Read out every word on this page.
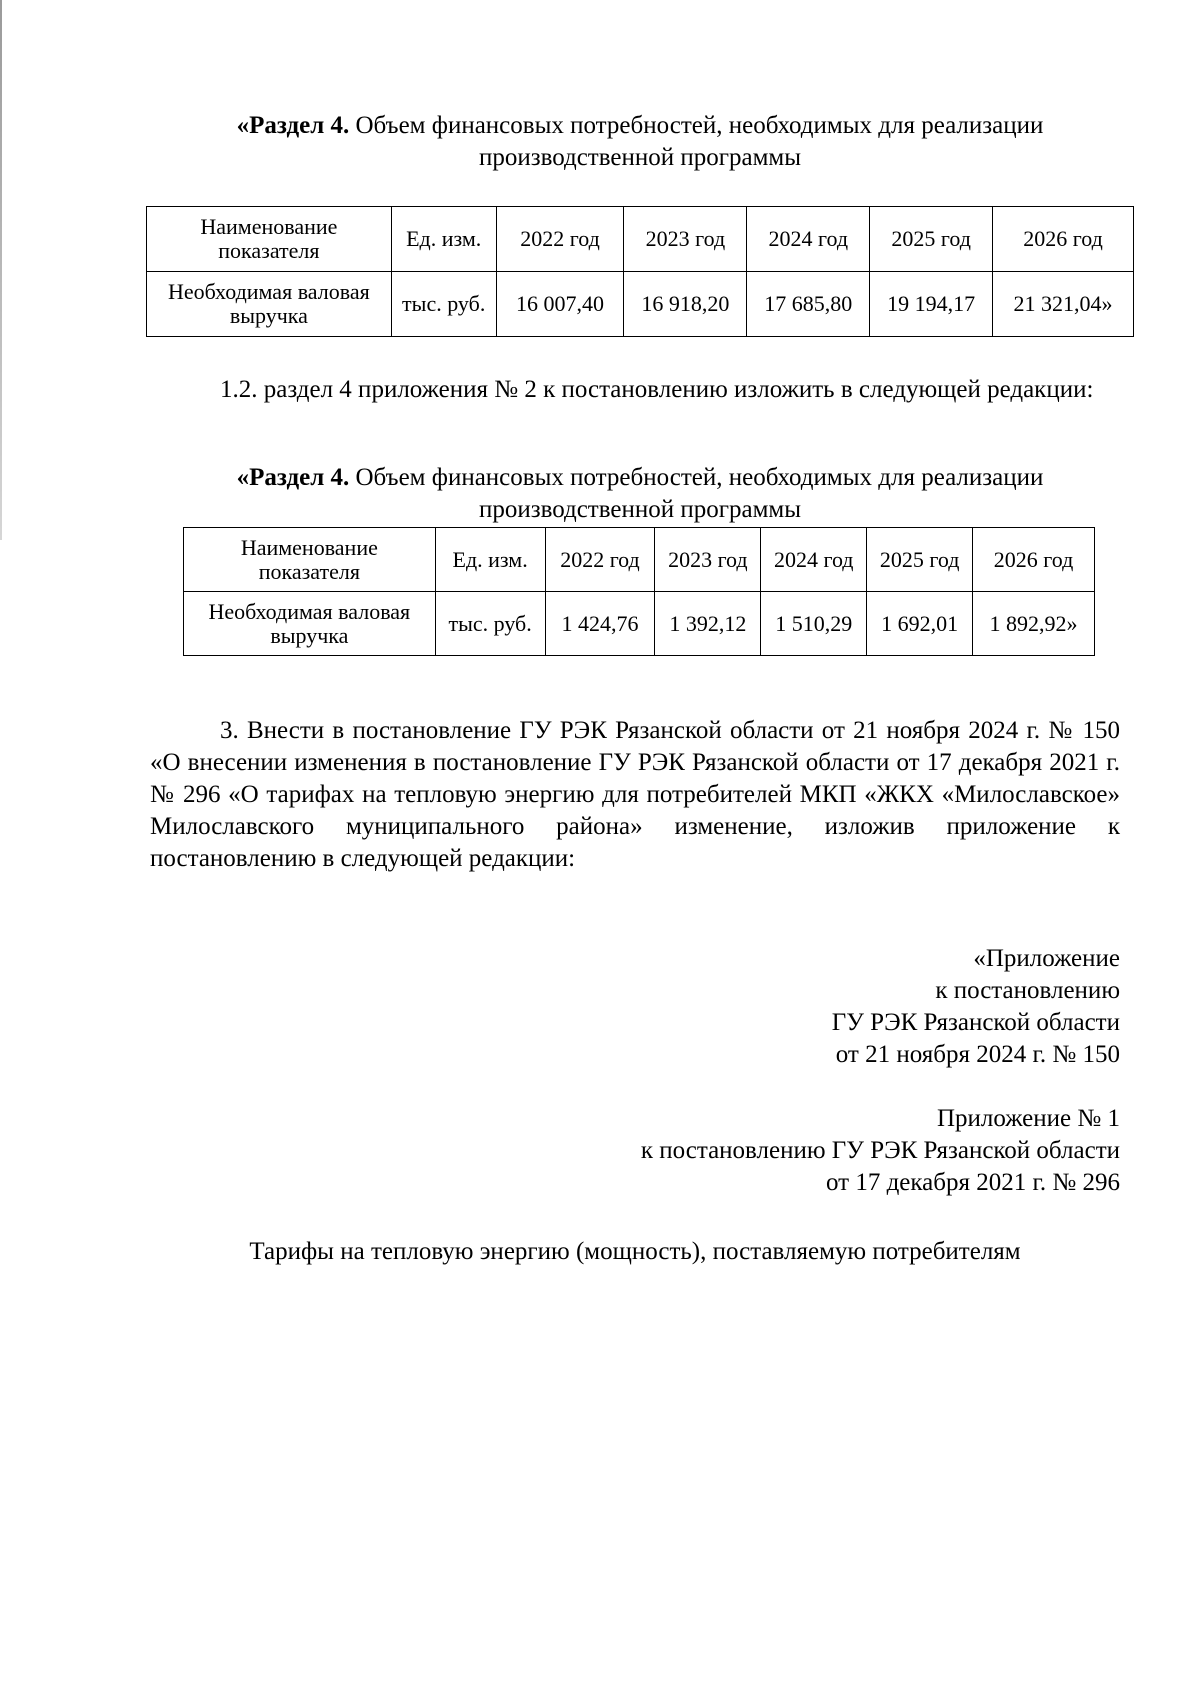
«Раздел 4. Объем финансовых потребностей, необходимых для реализации
производственной программы
Наименование показателя	Ед. изм.	2022 год	2023 год	2024 год	2025 год	2026 год
Необходимая валовая выручка	тыс. руб.	16 007,40	16 918,20	17 685,80	19 194,17	21 321,04»
1.2. раздел 4 приложения № 2 к постановлению изложить в следующей редакции:
«Раздел 4. Объем финансовых потребностей, необходимых для реализации
производственной программы
Наименование показателя	Ед. изм.	2022 год	2023 год	2024 год	2025 год	2026 год
Необходимая валовая выручка	тыс. руб.	1 424,76	1 392,12	1 510,29	1 692,01	1 892,92»
3. Внести в постановление ГУ РЭК Рязанской области от 21 ноября 2024 г. № 150 «О внесении изменения в постановление ГУ РЭК Рязанской области от 17 декабря 2021 г. № 296 «О тарифах на тепловую энергию для потребителей МКП «ЖКХ «Милославское» Милославского муниципального района» изменение, изложив приложение к постановлению в следующей редакции:
«Приложение
к постановлению
ГУ РЭК Рязанской области
от 21 ноября 2024 г. № 150
Приложение № 1
к постановлению ГУ РЭК Рязанской области
от 17 декабря 2021 г. № 296
Тарифы на тепловую энергию (мощность), поставляемую потребителям
